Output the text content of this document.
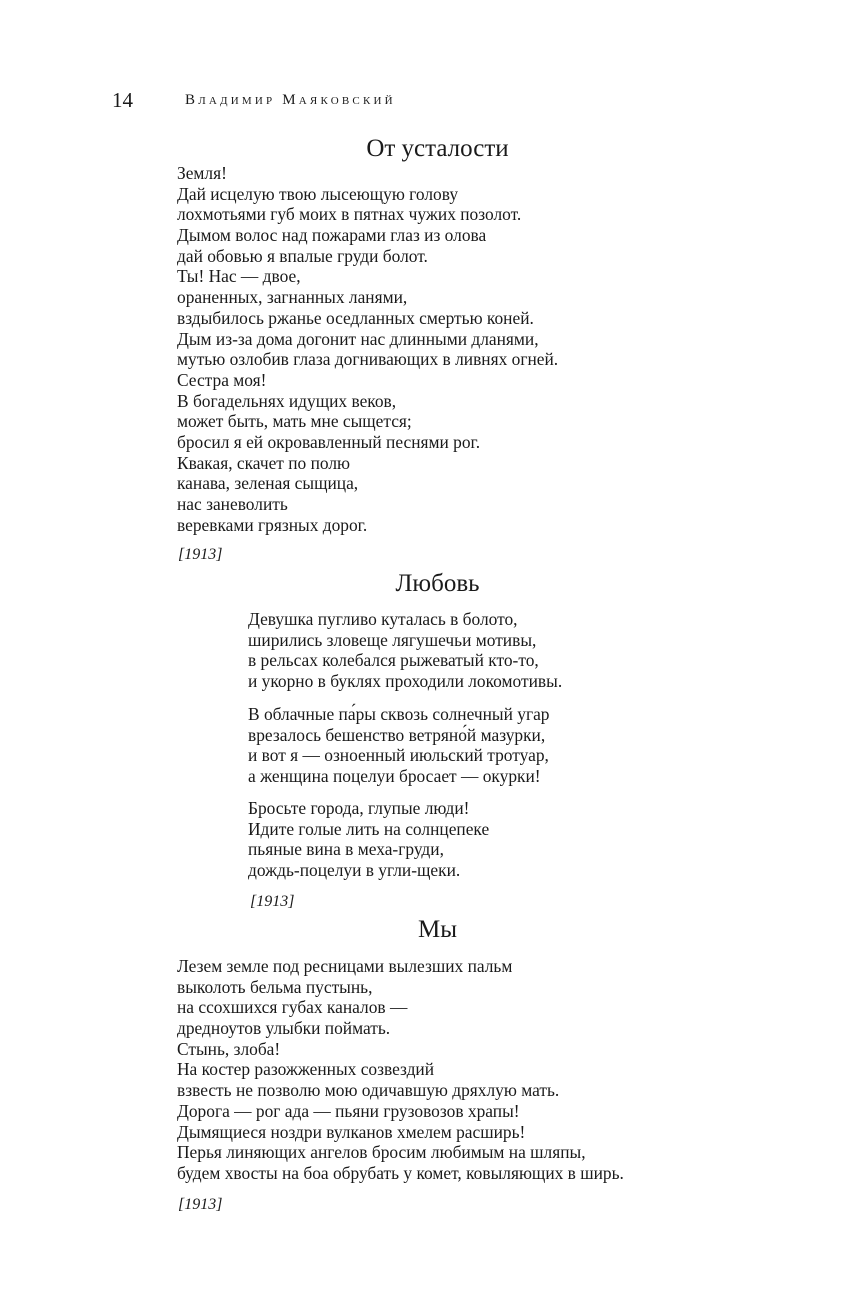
14	Владимир Маяковский
От усталости
Земля!
Дай исцелую твою лысеющую голову
лохмотьями губ моих в пятнах чужих позолот.
Дымом волос над пожарами глаз из олова
дай обовью я впалые груди болот.
Ты! Нас — двое,
ораненных, загнанных ланями,
вздыбилось ржанье оседланных смертью коней.
Дым из-за дома догонит нас длинными дланями,
мутью озлобив глаза догнивающих в ливнях огней.
Сестра моя!
В богадельнях идущих веков,
может быть, мать мне сыщется;
бросил я ей окровавленный песнями рог.
Квакая, скачет по полю
канава, зеленая сыщица,
нас заневолить
веревками грязных дорог.
[1913]
Любовь
Девушка пугливо куталась в болото,
ширились зловеще лягушечьи мотивы,
в рельсах колебался рыжеватый кто-то,
и укорно в буклях проходили локомотивы.
В облачные па́ры сквозь солнечный угар
врезалось бешенство ветряно́й мазурки,
и вот я — озноенный июльский тротуар,
а женщина поцелуи бросает — окурки!
Бросьте города, глупые люди!
Идите голые лить на солнцепеке
пьяные вина в меха-груди,
дождь-поцелуи в угли-щеки.
[1913]
Мы
Лезем земле под ресницами вылезших пальм
выколоть бельма пустынь,
на ссохшихся губах каналов —
дредноутов улыбки поймать.
Стынь, злоба!
На костер разожженных созвездий
взвесть не позволю мою одичавшую дряхлую мать.
Дорога — рог ада — пьяни грузовозов храпы!
Дымящиеся ноздри вулканов хмелем расширь!
Перья линяющих ангелов бросим любимым на шляпы,
будем хвосты на боа обрубать у комет, ковыляющих в ширь.
[1913]
